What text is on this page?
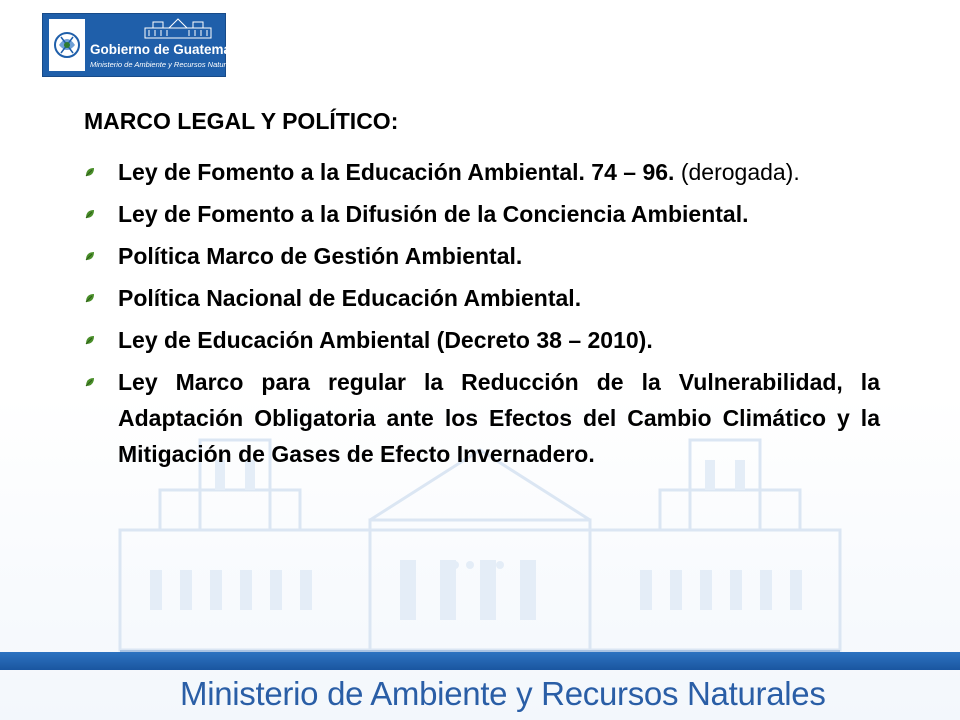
Gobierno de Guatemala
Ministerio de Ambiente y Recursos Naturales
MARCO LEGAL Y POLÍTICO:
Ley de Fomento a la Educación Ambiental. 74 – 96. (derogada).
Ley de Fomento a la Difusión de la Conciencia Ambiental.
Política Marco de Gestión Ambiental.
Política Nacional de Educación Ambiental.
Ley de Educación Ambiental (Decreto 38 – 2010).
Ley Marco para regular la Reducción de la Vulnerabilidad, la Adaptación Obligatoria ante los Efectos del Cambio Climático y la Mitigación de Gases de Efecto Invernadero.
Ministerio de Ambiente y Recursos Naturales
